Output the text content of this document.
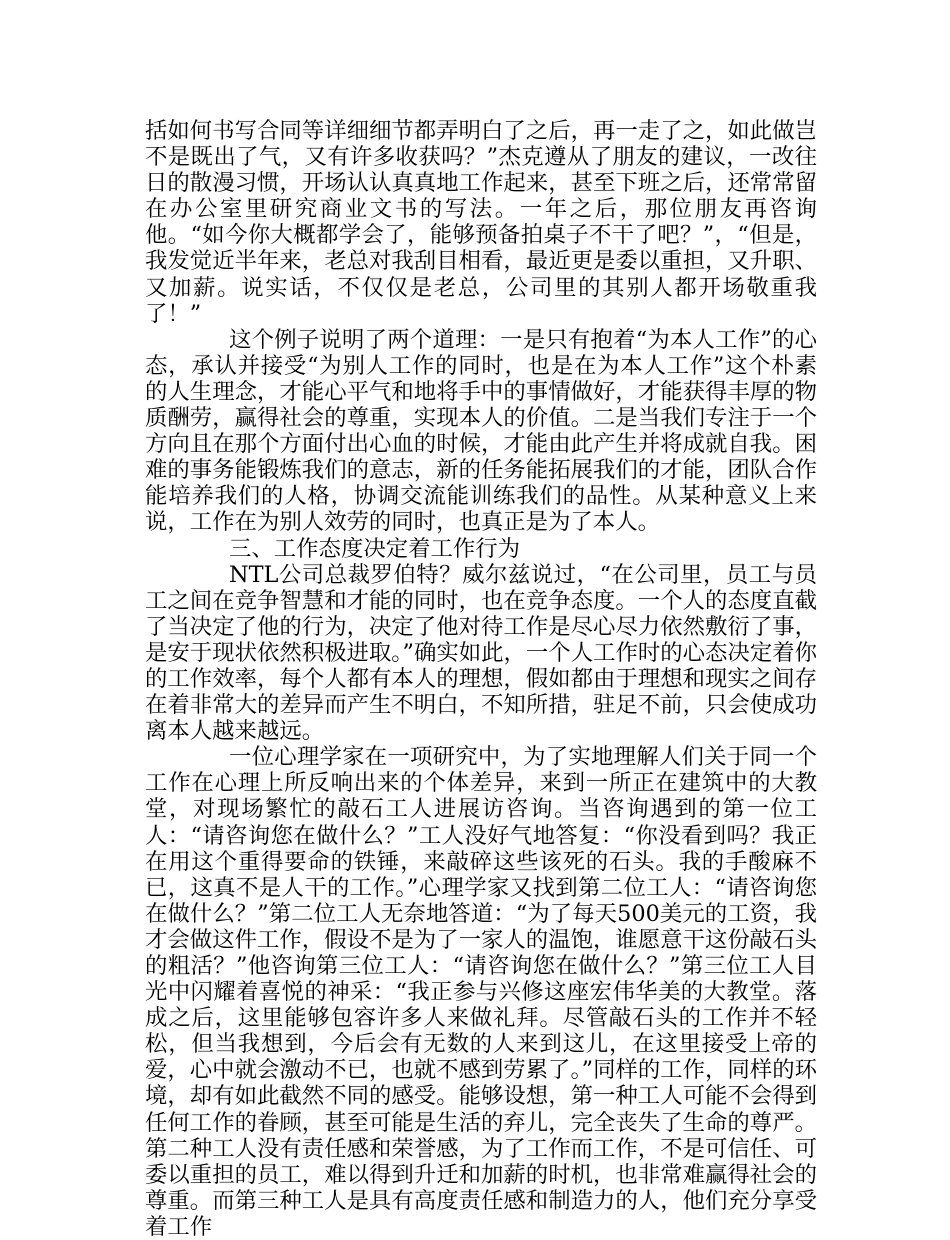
括如何书写合同等详细细节都弄明白了之后，再一走了之，如此做岂不是既出了气，又有许多收获吗？”杰克遵从了朋友的建议，一改往日的散漫习惯，开场认认真真地工作起来，甚至下班之后，还常常留在办公室里研究商业文书的写法。一年之后，那位朋友再咨询他。“如今你大概都学会了，能够预备拍桌子不干了吧？”，“但是，我发觉近半年来，老总对我刮目相看，最近更是委以重担，又升职、又加薪。说实话，不仅仅是老总，公司里的其别人都开场敬重我了！”

这个例子说明了两个道理：一是只有抱着“为本人工作”的心态，承认并接受“为别人工作的同时，也是在为本人工作”这个朴素的人生理念，才能心平气和地将手中的事情做好，才能获得丰厚的物质酬劳，赢得社会的尊重，实现本人的价值。二是当我们专注于一个方向且在那个方面付出心血的时候，才能由此产生并将成就自我。困难的事务能锻炼我们的意志，新的任务能拓展我们的才能，团队合作能培养我们的人格，协调交流能训练我们的品性。从某种意义上来说，工作在为别人效劳的同时，也真正是为了本人。

三、工作态度决定着工作行为

NTL公司总裁罗伯特？威尔兹说过，“在公司里，员工与员工之间在竞争智慧和才能的同时，也在竞争态度。一个人的态度直截了当决定了他的行为，决定了他对待工作是尽心尽力依然敷衍了事，是安于现状依然积极进取。”确实如此，一个人工作时的心态决定着你的工作效率，每个人都有本人的理想，假如都由于理想和现实之间存在着非常大的差异而产生不明白，不知所措，驻足不前，只会使成功离本人越来越远。

一位心理学家在一项研究中，为了实地理解人们关于同一个工作在心理上所反响出来的个体差异，来到一所正在建筑中的大教堂，对现场繁忙的敲石工人进展访咨询。当咨询遇到的第一位工人：“请咨询您在做什么？”工人没好气地答复：“你没看到吗？我正在用这个重得要命的铁锤，来敲碎这些该死的石头。我的手酸麻不已，这真不是人干的工作。”心理学家又找到第二位工人：“请咨询您在做什么？”第二位工人无奈地答道：“为了每天500美元的工资，我才会做这件工作，假设不是为了一家人的温饱，谁愿意干这份敲石头的粗活？”他咨询第三位工人：“请咨询您在做什么？”第三位工人目光中闪耀着喜悦的神采：“我正参与兴修这座宏伟华美的大教堂。落成之后，这里能够包容许多人来做礼拜。尽管敲石头的工作并不轻松，但当我想到，今后会有无数的人来到这儿，在这里接受上帝的爱，心中就会激动不已，也就不感到劳累了。”同样的工作，同样的环境，却有如此截然不同的感受。能够设想，第一种工人可能不会得到任何工作的眷顾，甚至可能是生活的弃儿，完全丧失了生命的尊严。第二种工人没有责任感和荣誉感，为了工作而工作，不是可信任、可委以重担的员工，难以得到升迁和加薪的时机，也非常难赢得社会的尊重。而第三种工人是具有高度责任感和制造力的人，他们充分享受着工作
